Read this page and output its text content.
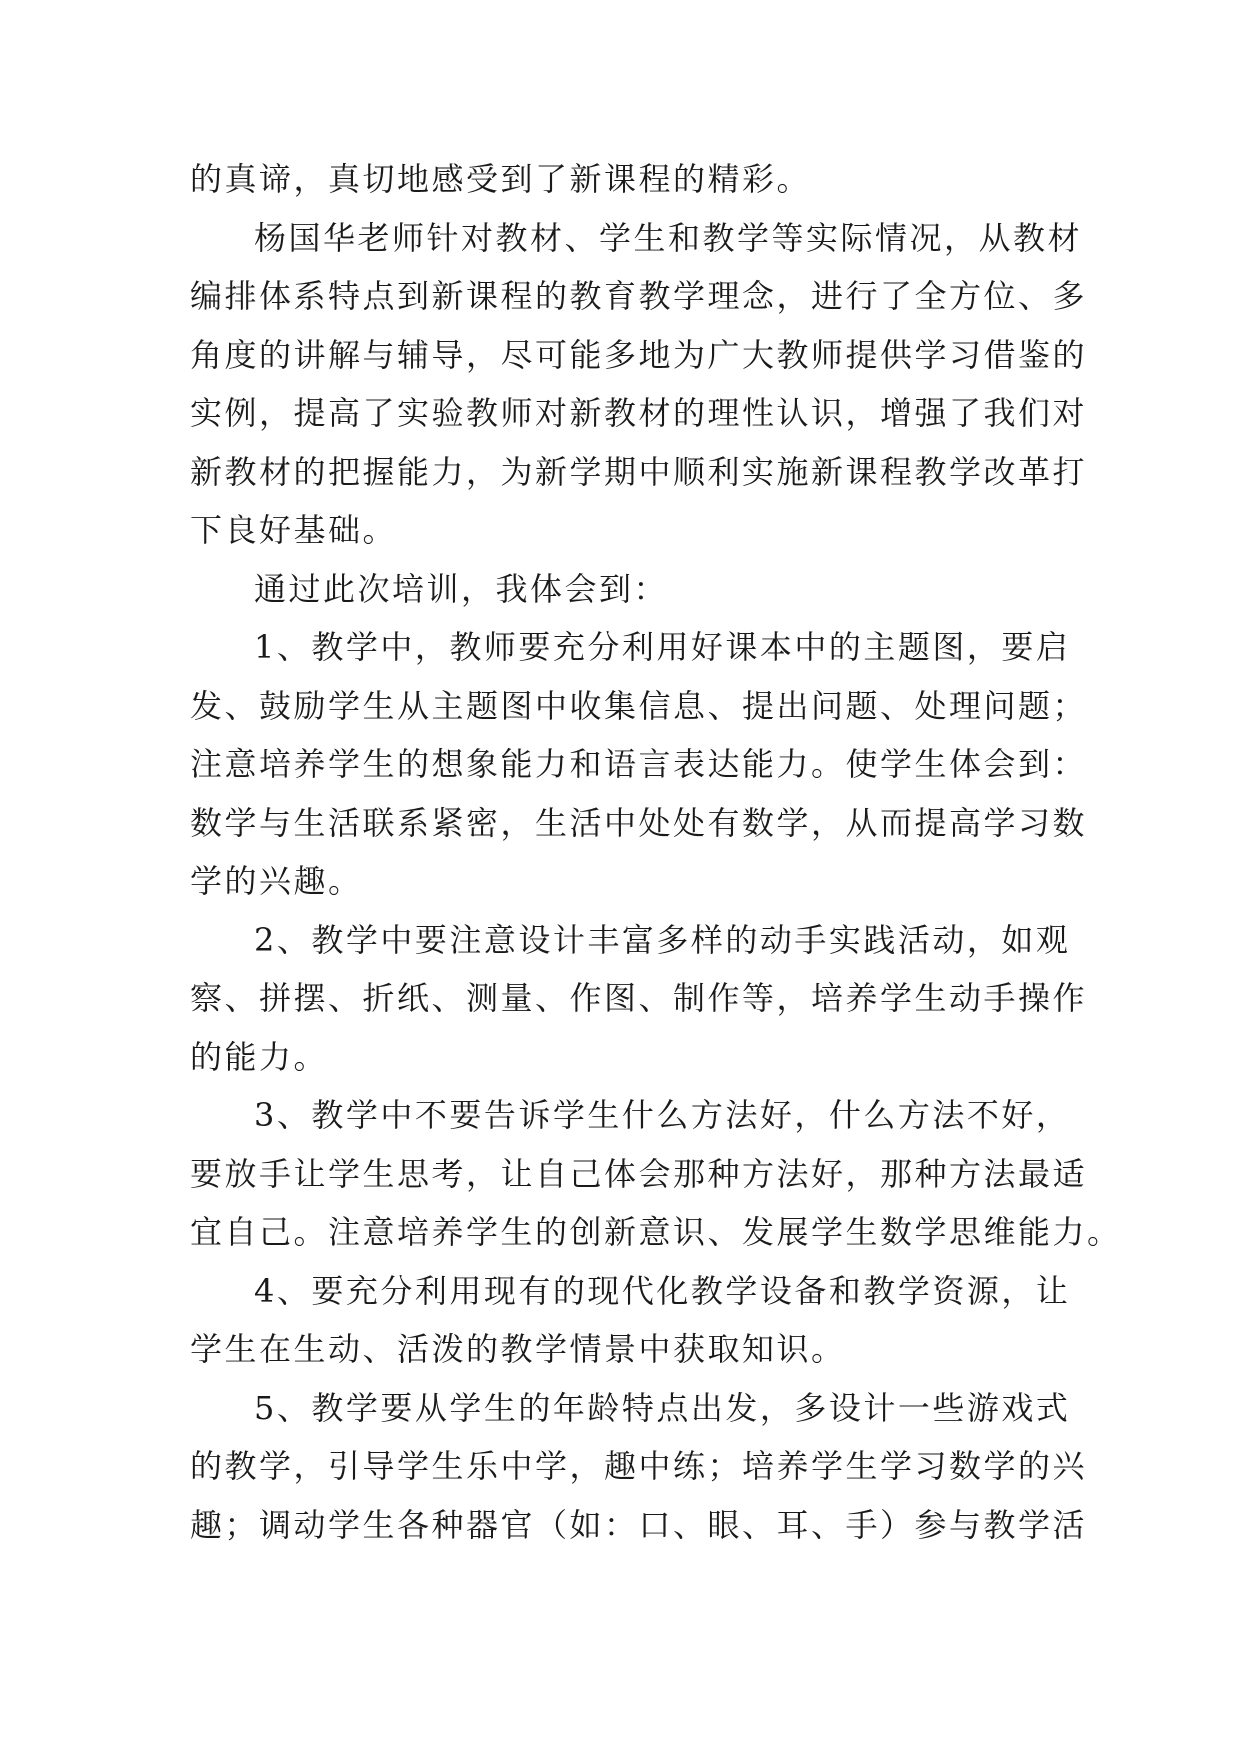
的真谛，真切地感受到了新课程的精彩。
杨国华老师针对教材、学生和教学等实际情况，从教材
编排体系特点到新课程的教育教学理念，进行了全方位、多
角度的讲解与辅导，尽可能多地为广大教师提供学习借鉴的
实例，提高了实验教师对新教材的理性认识，增强了我们对
新教材的把握能力，为新学期中顺利实施新课程教学改革打
下良好基础。
通过此次培训，我体会到：
1、教学中，教师要充分利用好课本中的主题图，要启
发、鼓励学生从主题图中收集信息、提出问题、处理问题；
注意培养学生的想象能力和语言表达能力。使学生体会到：
数学与生活联系紧密，生活中处处有数学，从而提高学习数
学的兴趣。
2、教学中要注意设计丰富多样的动手实践活动，如观
察、拼摆、折纸、测量、作图、制作等，培养学生动手操作
的能力。
3、教学中不要告诉学生什么方法好，什么方法不好，
要放手让学生思考，让自己体会那种方法好，那种方法最适
宜自己。注意培养学生的创新意识、发展学生数学思维能力。
4、要充分利用现有的现代化教学设备和教学资源，让
学生在生动、活泼的教学情景中获取知识。
5、教学要从学生的年龄特点出发，多设计一些游戏式
的教学，引导学生乐中学，趣中练；培养学生学习数学的兴
趣；调动学生各种器官（如：口、眼、耳、手）参与教学活
